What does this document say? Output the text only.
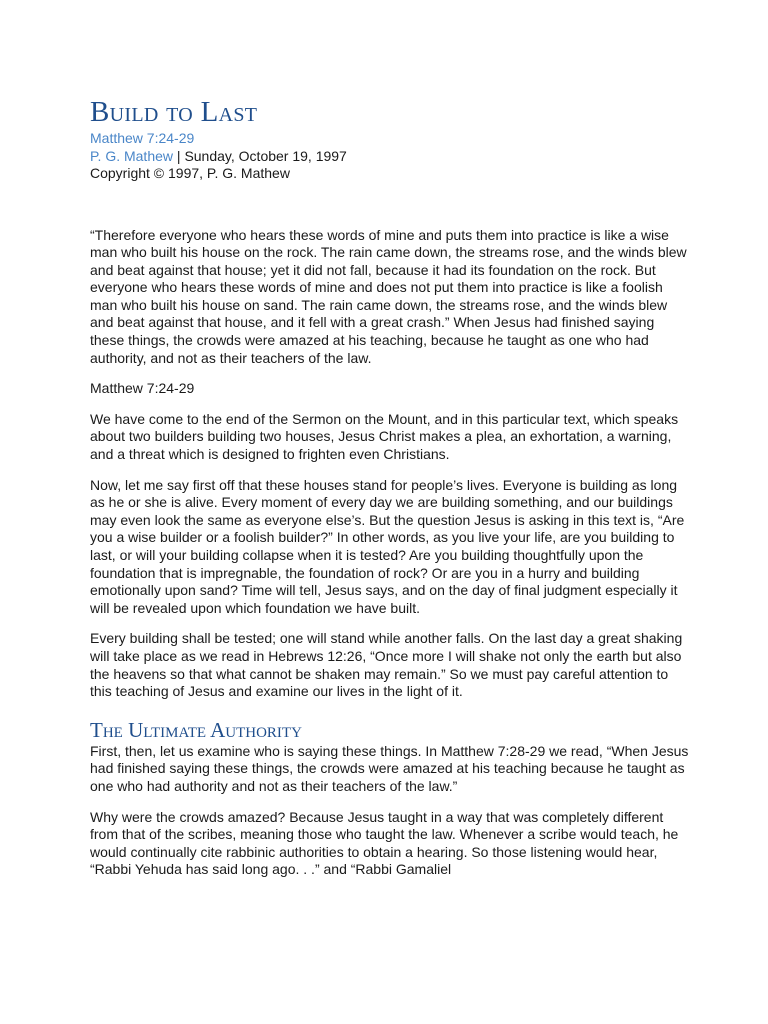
Build to Last
Matthew 7:24-29
P. G. Mathew | Sunday, October 19, 1997
Copyright © 1997, P. G. Mathew

“Therefore everyone who hears these words of mine and puts them into practice is like a wise man who built his house on the rock. The rain came down, the streams rose, and the winds blew and beat against that house; yet it did not fall, because it had its foundation on the rock. But everyone who hears these words of mine and does not put them into practice is like a foolish man who built his house on sand. The rain came down, the streams rose, and the winds blew and beat against that house, and it fell with a great crash.” When Jesus had finished saying these things, the crowds were amazed at his teaching, because he taught as one who had authority, and not as their teachers of the law.

Matthew 7:24-29

We have come to the end of the Sermon on the Mount, and in this particular text, which speaks about two builders building two houses, Jesus Christ makes a plea, an exhortation, a warning, and a threat which is designed to frighten even Christians.

Now, let me say first off that these houses stand for people’s lives. Everyone is building as long as he or she is alive. Every moment of every day we are building something, and our buildings may even look the same as everyone else’s. But the question Jesus is asking in this text is, “Are you a wise builder or a foolish builder?” In other words, as you live your life, are you building to last, or will your building collapse when it is tested? Are you building thoughtfully upon the foundation that is impregnable, the foundation of rock? Or are you in a hurry and building emotionally upon sand? Time will tell, Jesus says, and on the day of final judgment especially it will be revealed upon which foundation we have built.

Every building shall be tested; one will stand while another falls. On the last day a great shaking will take place as we read in Hebrews 12:26, “Once more I will shake not only the earth but also the heavens so that what cannot be shaken may remain.” So we must pay careful attention to this teaching of Jesus and examine our lives in the light of it.

The Ultimate Authority

First, then, let us examine who is saying these things. In Matthew 7:28-29 we read, “When Jesus had finished saying these things, the crowds were amazed at his teaching because he taught as one who had authority and not as their teachers of the law.”

Why were the crowds amazed? Because Jesus taught in a way that was completely different from that of the scribes, meaning those who taught the law. Whenever a scribe would teach, he would continually cite rabbinic authorities to obtain a hearing. So those listening would hear, “Rabbi Yehuda has said long ago. . .” and “Rabbi Gamaliel
